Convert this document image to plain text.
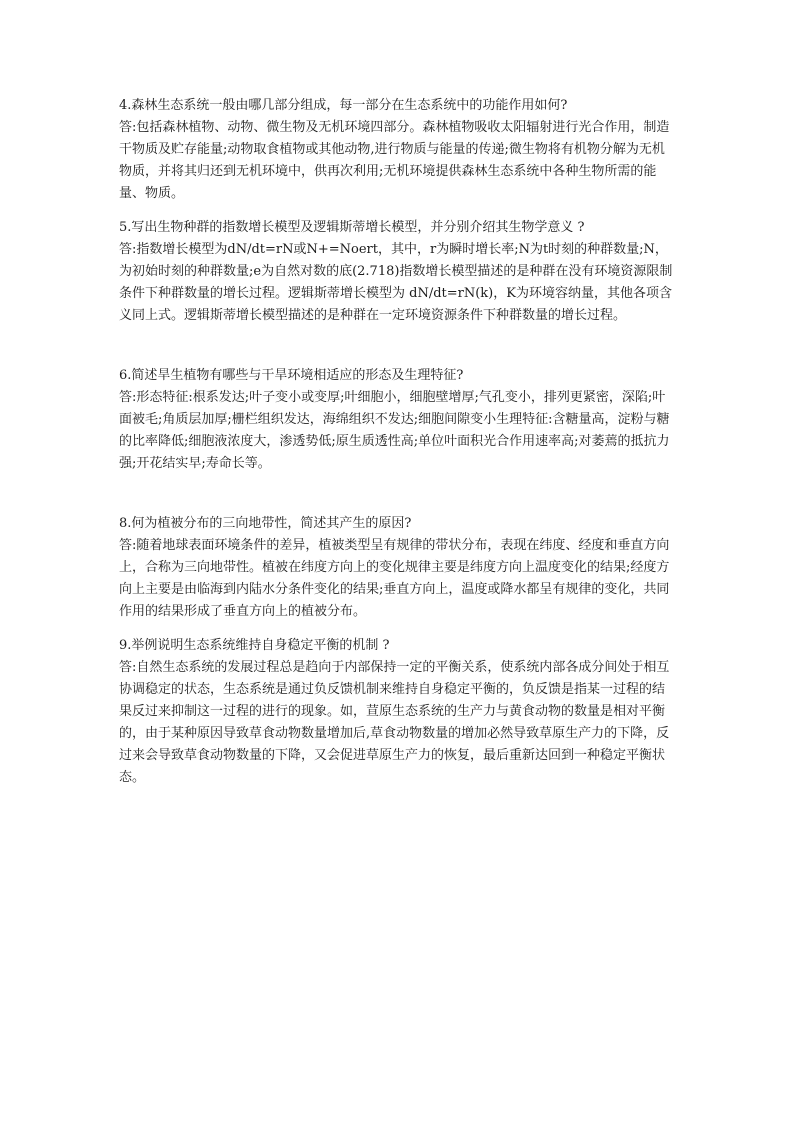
4.森林生态系统一般由哪几部分组成，每一部分在生态系统中的功能作用如何?

答:包括森林植物、动物、微生物及无机环境四部分。森林植物吸收太阳辐射进行光合作用，制造干物质及贮存能量;动物取食植物或其他动物,进行物质与能量的传递;微生物将有机物分解为无机物质，并将其归还到无机环境中，供再次利用;无机环境提供森林生态系统中各种生物所需的能量、物质。

5.写出生物种群的指数增长模型及逻辑斯蒂增长模型，并分别介绍其生物学意义 ?

答:指数增长模型为dN/dt=rN或N+=Noert，其中，r为瞬时增长率;N为t时刻的种群数量;N，为初始时刻的种群数量;e为自然对数的底(2.718)指数增长模型描述的是种群在没有环境资源限制条件下种群数量的增长过程。逻辑斯蒂增长模型为 dN/dt=rN(k)，K为环境容纳量，其他各项含义同上式。逻辑斯蒂增长模型描述的是种群在一定环境资源条件下种群数量的增长过程。

6.简述旱生植物有哪些与干旱环境相适应的形态及生理特征?

答:形态特征:根系发达;叶子变小或变厚;叶细胞小，细胞壁增厚;气孔变小，排列更紧密，深陷;叶面被毛;角质层加厚;栅栏组织发达，海绵组织不发达;细胞间隙变小生理特征:含糖量高，淀粉与糖的比率降低;细胞液浓度大，渗透势低;原生质透性高;单位叶面积光合作用速率高;对萎蔫的抵抗力强;开花结实早;寿命长等。

8.何为植被分布的三向地带性，简述其产生的原因?

答:随着地球表面环境条件的差异，植被类型呈有规律的带状分布，表现在纬度、经度和垂直方向上，合称为三向地带性。植被在纬度方向上的变化规律主要是纬度方向上温度变化的结果;经度方向上主要是由临海到内陆水分条件变化的结果;垂直方向上，温度或降水都呈有规律的变化，共同作用的结果形成了垂直方向上的植被分布。

9.举例说明生态系统维持自身稳定平衡的机制 ?

答:自然生态系统的发展过程总是趋向于内部保持一定的平衡关系，使系统内部各成分间处于相互协调稳定的状态，生态系统是通过负反馈机制来维持自身稳定平衡的，负反馈是指某一过程的结果反过来抑制这一过程的进行的现象。如，荁原生态系统的生产力与黄食动物的数量是相对平衡的，由于某种原因导致草食动物数量增加后,草食动物数量的增加必然导致草原生产力的下降，反过来会导致草食动物数量的下降，又会促进草原生产力的恢复，最后重新达回到一种稳定平衡状态。
